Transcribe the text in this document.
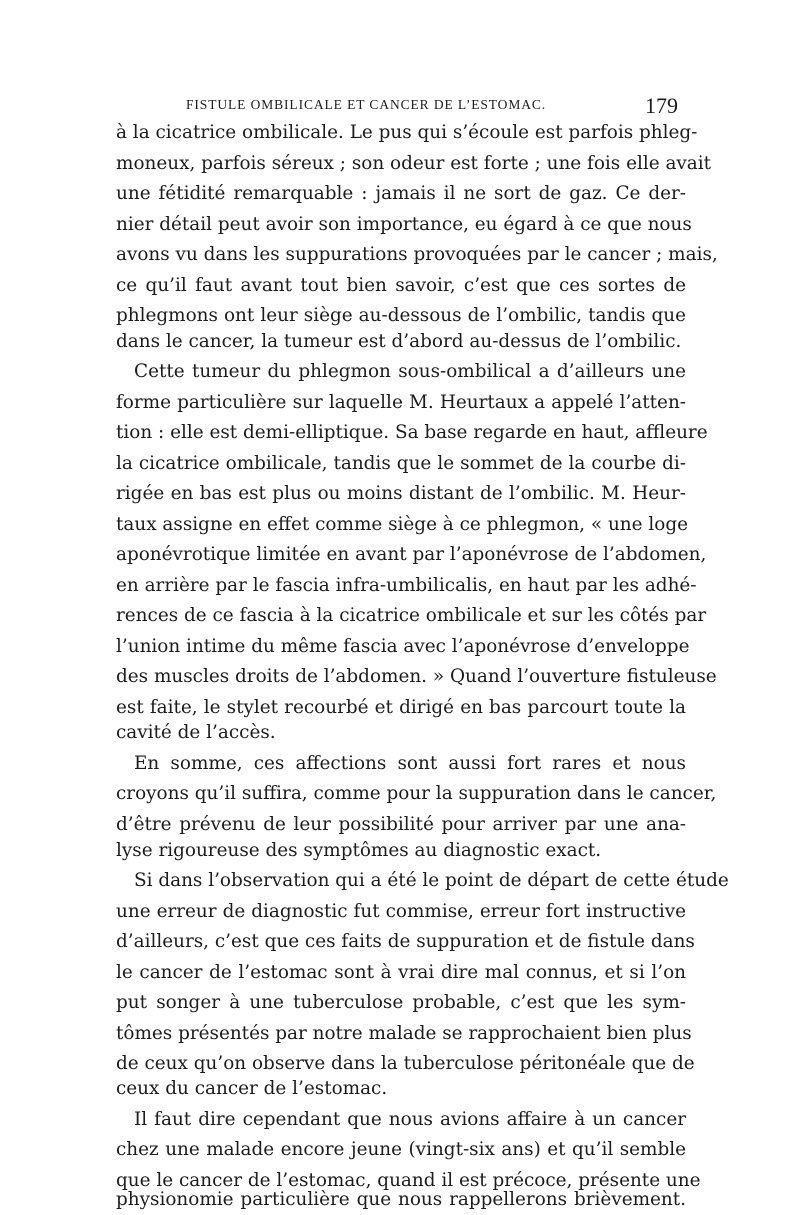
FISTULE OMBILICALE ET CANCER DE L’ESTOMAC.	179
à la cicatrice ombilicale. Le pus qui s’écoule est parfois phleg-
moneux, parfois séreux ; son odeur est forte ; une fois elle avait
une fétidité remarquable : jamais il ne sort de gaz. Ce der-
nier détail peut avoir son importance, eu égard à ce que nous
avons vu dans les suppurations provoquées par le cancer ; mais,
ce qu’il faut avant tout bien savoir, c’est que ces sortes de
phlegmons ont leur siège au-dessous de l’ombilic, tandis que
dans le cancer, la tumeur est d’abord au-dessus de l’ombilic.
Cette tumeur du phlegmon sous-ombilical a d’ailleurs une
forme particulière sur laquelle M. Heurtaux a appelé l’atten-
tion : elle est demi-elliptique. Sa base regarde en haut, affleure
la cicatrice ombilicale, tandis que le sommet de la courbe di-
rigée en bas est plus ou moins distant de l’ombilic. M. Heur-
taux assigne en effet comme siège à ce phlegmon, « une loge
aponévrotique limitée en avant par l’aponévrose de l’abdomen,
en arrière par le fascia infra-umbilicalis, en haut par les adhé-
rences de ce fascia à la cicatrice ombilicale et sur les côtés par
l’union intime du même fascia avec l’aponévrose d’enveloppe
des muscles droits de l’abdomen. » Quand l’ouverture fistuleuse
est faite, le stylet recourbé et dirigé en bas parcourt toute la
cavité de l’accès.
En somme, ces affections sont aussi fort rares et nous
croyons qu’il suffira, comme pour la suppuration dans le cancer,
d’être prévenu de leur possibilité pour arriver par une ana-
lyse rigoureuse des symptômes au diagnostic exact.
Si dans l’observation qui a été le point de départ de cette étude
une erreur de diagnostic fut commise, erreur fort instructive
d’ailleurs, c’est que ces faits de suppuration et de fistule dans
le cancer de l’estomac sont à vrai dire mal connus, et si l’on
put songer à une tuberculose probable, c’est que les sym-
tômes présentés par notre malade se rapprochaient bien plus
de ceux qu’on observe dans la tuberculose péritonéale que de
ceux du cancer de l’estomac.
Il faut dire cependant que nous avions affaire à un cancer
chez une malade encore jeune (vingt-six ans) et qu’il semble
que le cancer de l’estomac, quand il est précoce, présente une
physionomie particulière que nous rappellerons brièvement.
